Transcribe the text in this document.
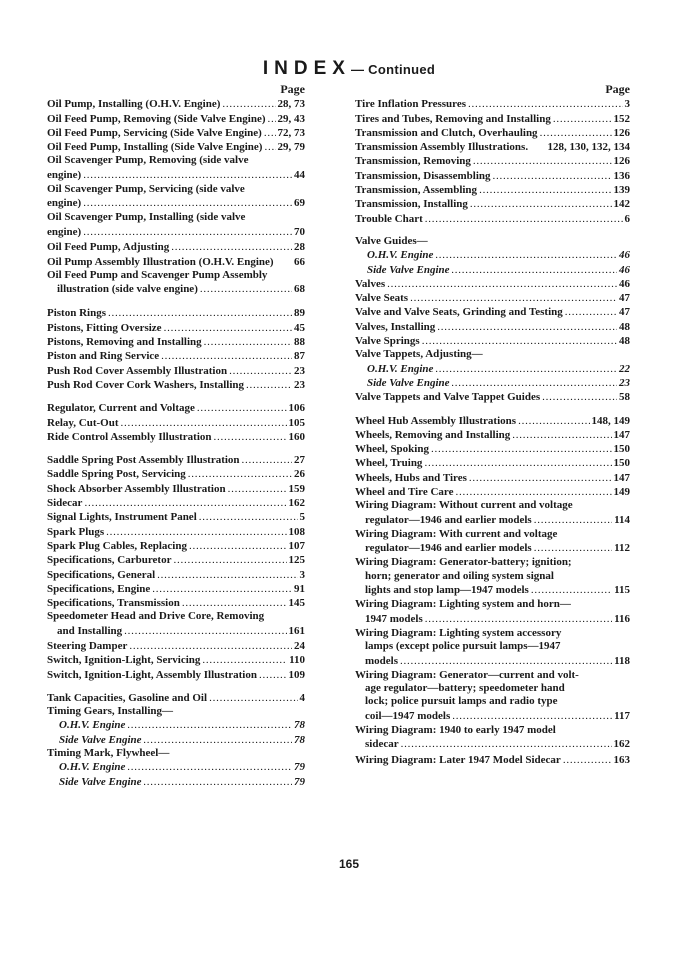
INDEX— Continued
Page
Oil Pump, Installing (O.H.V. Engine) . . .	28, 73
Oil Feed Pump, Removing (Side Valve Engine) . . . 29, 43
Oil Feed Pump, Servicing (Side Valve Engine) . . . 72, 73
Oil Feed Pump, Installing (Side Valve Engine) . . . 29, 79
Oil Scavenger Pump, Removing (side valve
engine) . . .	44
Oil Scavenger Pump, Servicing (side valve
engine) . . .	69
Oil Scavenger Pump, Installing (side valve
engine) . . .	70
Oil Feed Pump, Adjusting . . .	28
Oil Pump Assembly Illustration (O.H.V. Engine)	66
Oil Feed Pump and Scavenger Pump Assembly
illustration (side valve engine) . . .	68
Piston Rings . . .	89
Pistons, Fitting Oversize . . .	45
Pistons, Removing and Installing . . .	88
Piston and Ring Service . . .	87
Push Rod Cover Assembly Illustration . . .	23
Push Rod Cover Cork Washers, Installing . . .	23
Regulator, Current and Voltage . . .	106
Relay, Cut-Out . . .	105
Ride Control Assembly Illustration . . .	160
Saddle Spring Post Assembly Illustration . . .	27
Saddle Spring Post, Servicing . . .	26
Shock Absorber Assembly Illustration . . .	159
Sidecar . . .	162
Signal Lights, Instrument Panel . . .	5
Spark Plugs . . .	108
Spark Plug Cables, Replacing . . .	107
Specifications, Carburetor . . .	125
Specifications, General . . .	3
Specifications, Engine . . .	91
Specifications, Transmission . . .	145
Speedometer Head and Drive Core, Removing
and Installing . . .	161
Steering Damper . . .	24
Switch, Ignition-Light, Servicing . . .	110
Switch, Ignition-Light, Assembly Illustration . . .	109
Tank Capacities, Gasoline and Oil . . .	4
Timing Gears, Installing—
O.H.V. Engine . . .	78
Side Valve Engine . . .	78
Timing Mark, Flywheel—
O.H.V. Engine . . .	79
Side Valve Engine . . .	79
Page
Tire Inflation Pressures . . .	3
Tires and Tubes, Removing and Installing . . .	152
Transmission and Clutch, Overhauling . . .	126
Transmission Assembly Illustrations.	128, 130, 132, 134
Transmission, Removing . . .	126
Transmission, Disassembling . . .	136
Transmission, Assembling . . .	139
Transmission, Installing . . .	142
Trouble Chart . . .	6
Valve Guides—
O.H.V. Engine . . .	46
Side Valve Engine . . .	46
Valves . . .	46
Valve Seats . . .	47
Valve and Valve Seats, Grinding and Testing . . .	47
Valves, Installing . . .	48
Valve Springs . . .	48
Valve Tappets, Adjusting—
O.H.V. Engine . . .	22
Side Valve Engine . . .	23
Valve Tappets and Valve Tappet Guides . . .	58
Wheel Hub Assembly Illustrations . . .	148, 149
Wheels, Removing and Installing . . .	147
Wheel, Spoking . . .	150
Wheel, Truing . . .	150
Wheels, Hubs and Tires . . .	147
Wheel and Tire Care . . .	149
Wiring Diagram: Without current and voltage
regulator—1946 and earlier models . . .	114
Wiring Diagram: With current and voltage
regulator—1946 and earlier models . . .	112
Wiring Diagram: Generator-battery; ignition;
horn; generator and oiling system signal
lights and stop lamp—1947 models . . .	115
Wiring Diagram: Lighting system and horn—
1947 models . . .	116
Wiring Diagram: Lighting system accessory
lamps (except police pursuit lamps—1947
models . . .	118
Wiring Diagram: Generator—current and volt-
age regulator—battery; speedometer hand
lock; police pursuit lamps and radio type
coil—1947 models . . .	117
Wiring Diagram: 1940 to early 1947 model
sidecar . . .	162
Wiring Diagram: Later 1947 Model Sidecar . . .	163
165
